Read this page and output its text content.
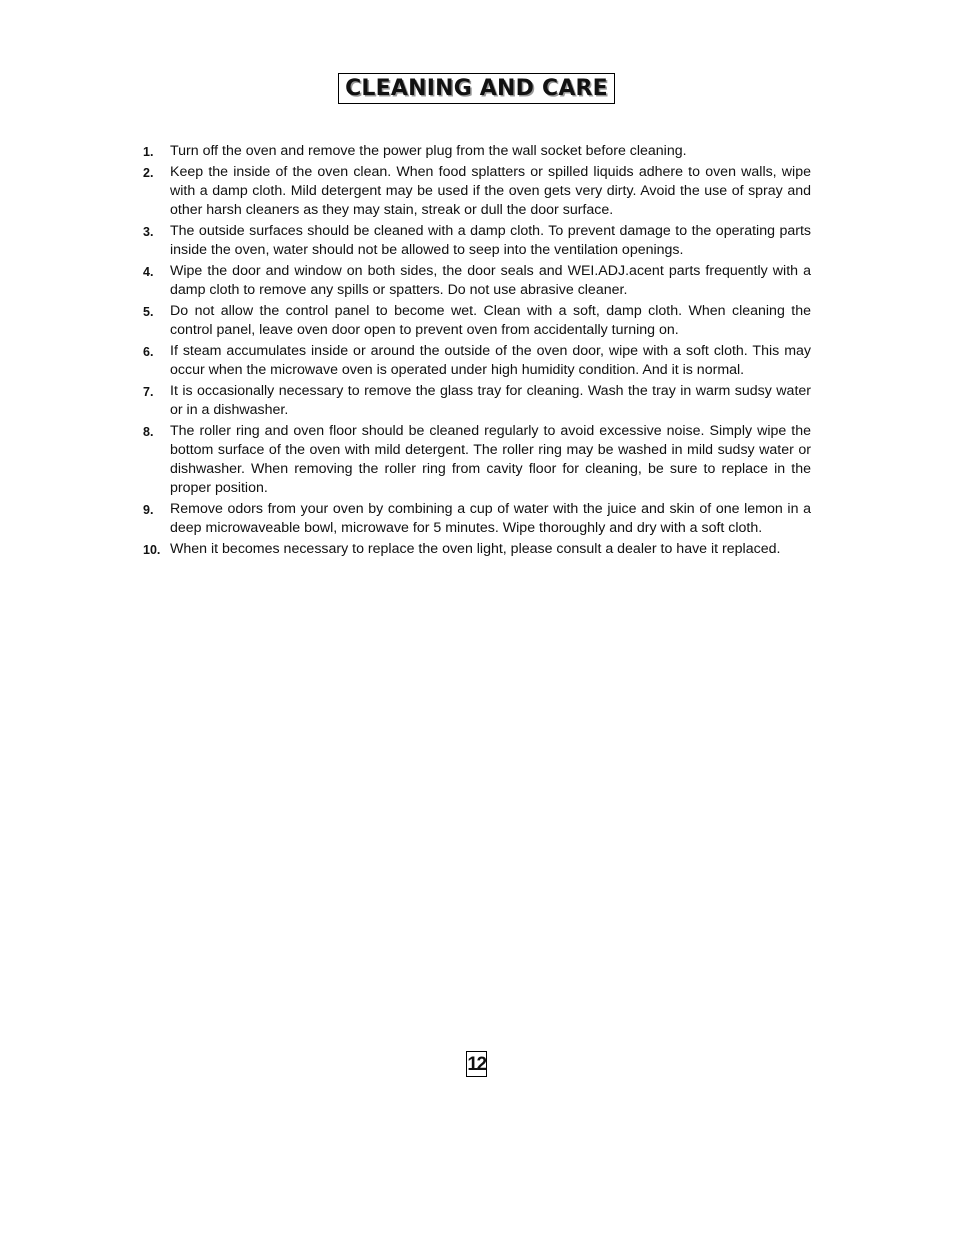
CLEANING AND CARE
1. Turn off the oven and remove the power plug from the wall socket before cleaning.
2. Keep the inside of the oven clean. When food splatters or spilled liquids adhere to oven walls, wipe with a damp cloth. Mild detergent may be used if the oven gets very dirty. Avoid the use of spray and other harsh cleaners as they may stain, streak or dull the door surface.
3. The outside surfaces should be cleaned with a damp cloth. To prevent damage to the operating parts inside the oven, water should not be allowed to seep into the ventilation openings.
4. Wipe the door and window on both sides, the door seals and WEI.ADJ.acent parts frequently with a damp cloth to remove any spills or spatters. Do not use abrasive cleaner.
5. Do not allow the control panel to become wet. Clean with a soft, damp cloth. When cleaning the control panel, leave oven door open to prevent oven from accidentally turning on.
6. If steam accumulates inside or around the outside of the oven door, wipe with a soft cloth. This may occur when the microwave oven is operated under high humidity condition. And it is normal.
7. It is occasionally necessary to remove the glass tray for cleaning. Wash the tray in warm sudsy water or in a dishwasher.
8. The roller ring and oven floor should be cleaned regularly to avoid excessive noise. Simply wipe the bottom surface of the oven with mild detergent. The roller ring may be washed in mild sudsy water or dishwasher. When removing the roller ring from cavity floor for cleaning, be sure to replace in the proper position.
9. Remove odors from your oven by combining a cup of water with the juice and skin of one lemon in a deep microwaveable bowl, microwave for 5 minutes. Wipe thoroughly and dry with a soft cloth.
10. When it becomes necessary to replace the oven light, please consult a dealer to have it replaced.
12
